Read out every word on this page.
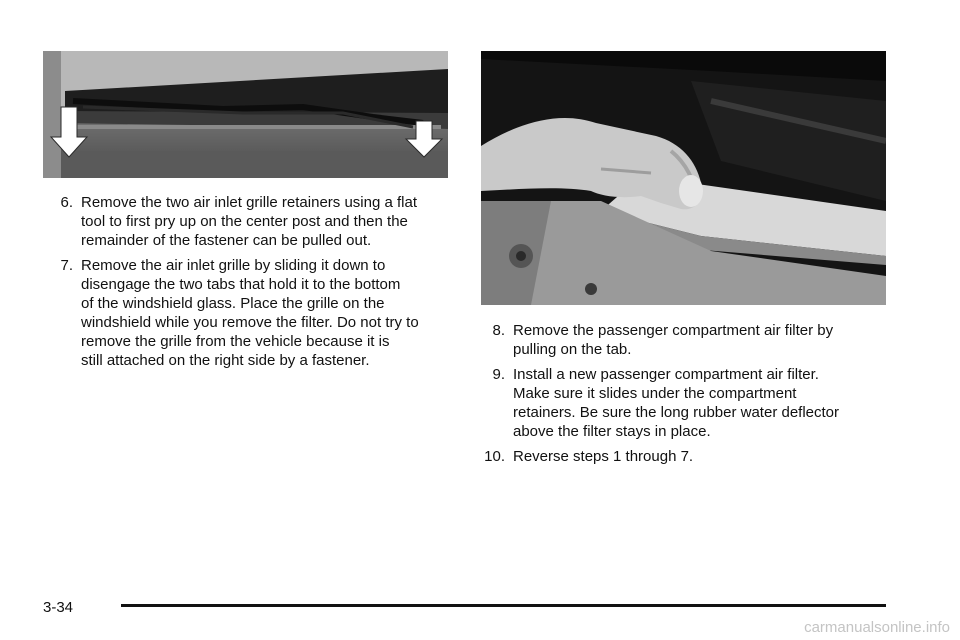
6. Remove the two air inlet grille retainers using a flat
tool to first pry up on the center post and then the
remainder of the fastener can be pulled out.
7. Remove the air inlet grille by sliding it down to
disengage the two tabs that hold it to the bottom
of the windshield glass. Place the grille on the
windshield while you remove the filter. Do not try to
remove the grille from the vehicle because it is
still attached on the right side by a fastener.
8. Remove the passenger compartment air filter by
pulling on the tab.
9. Install a new passenger compartment air filter.
Make sure it slides under the compartment
retainers. Be sure the long rubber water deflector
above the filter stays in place.
10. Reverse steps 1 through 7.
3-34
carmanualsonline.info
